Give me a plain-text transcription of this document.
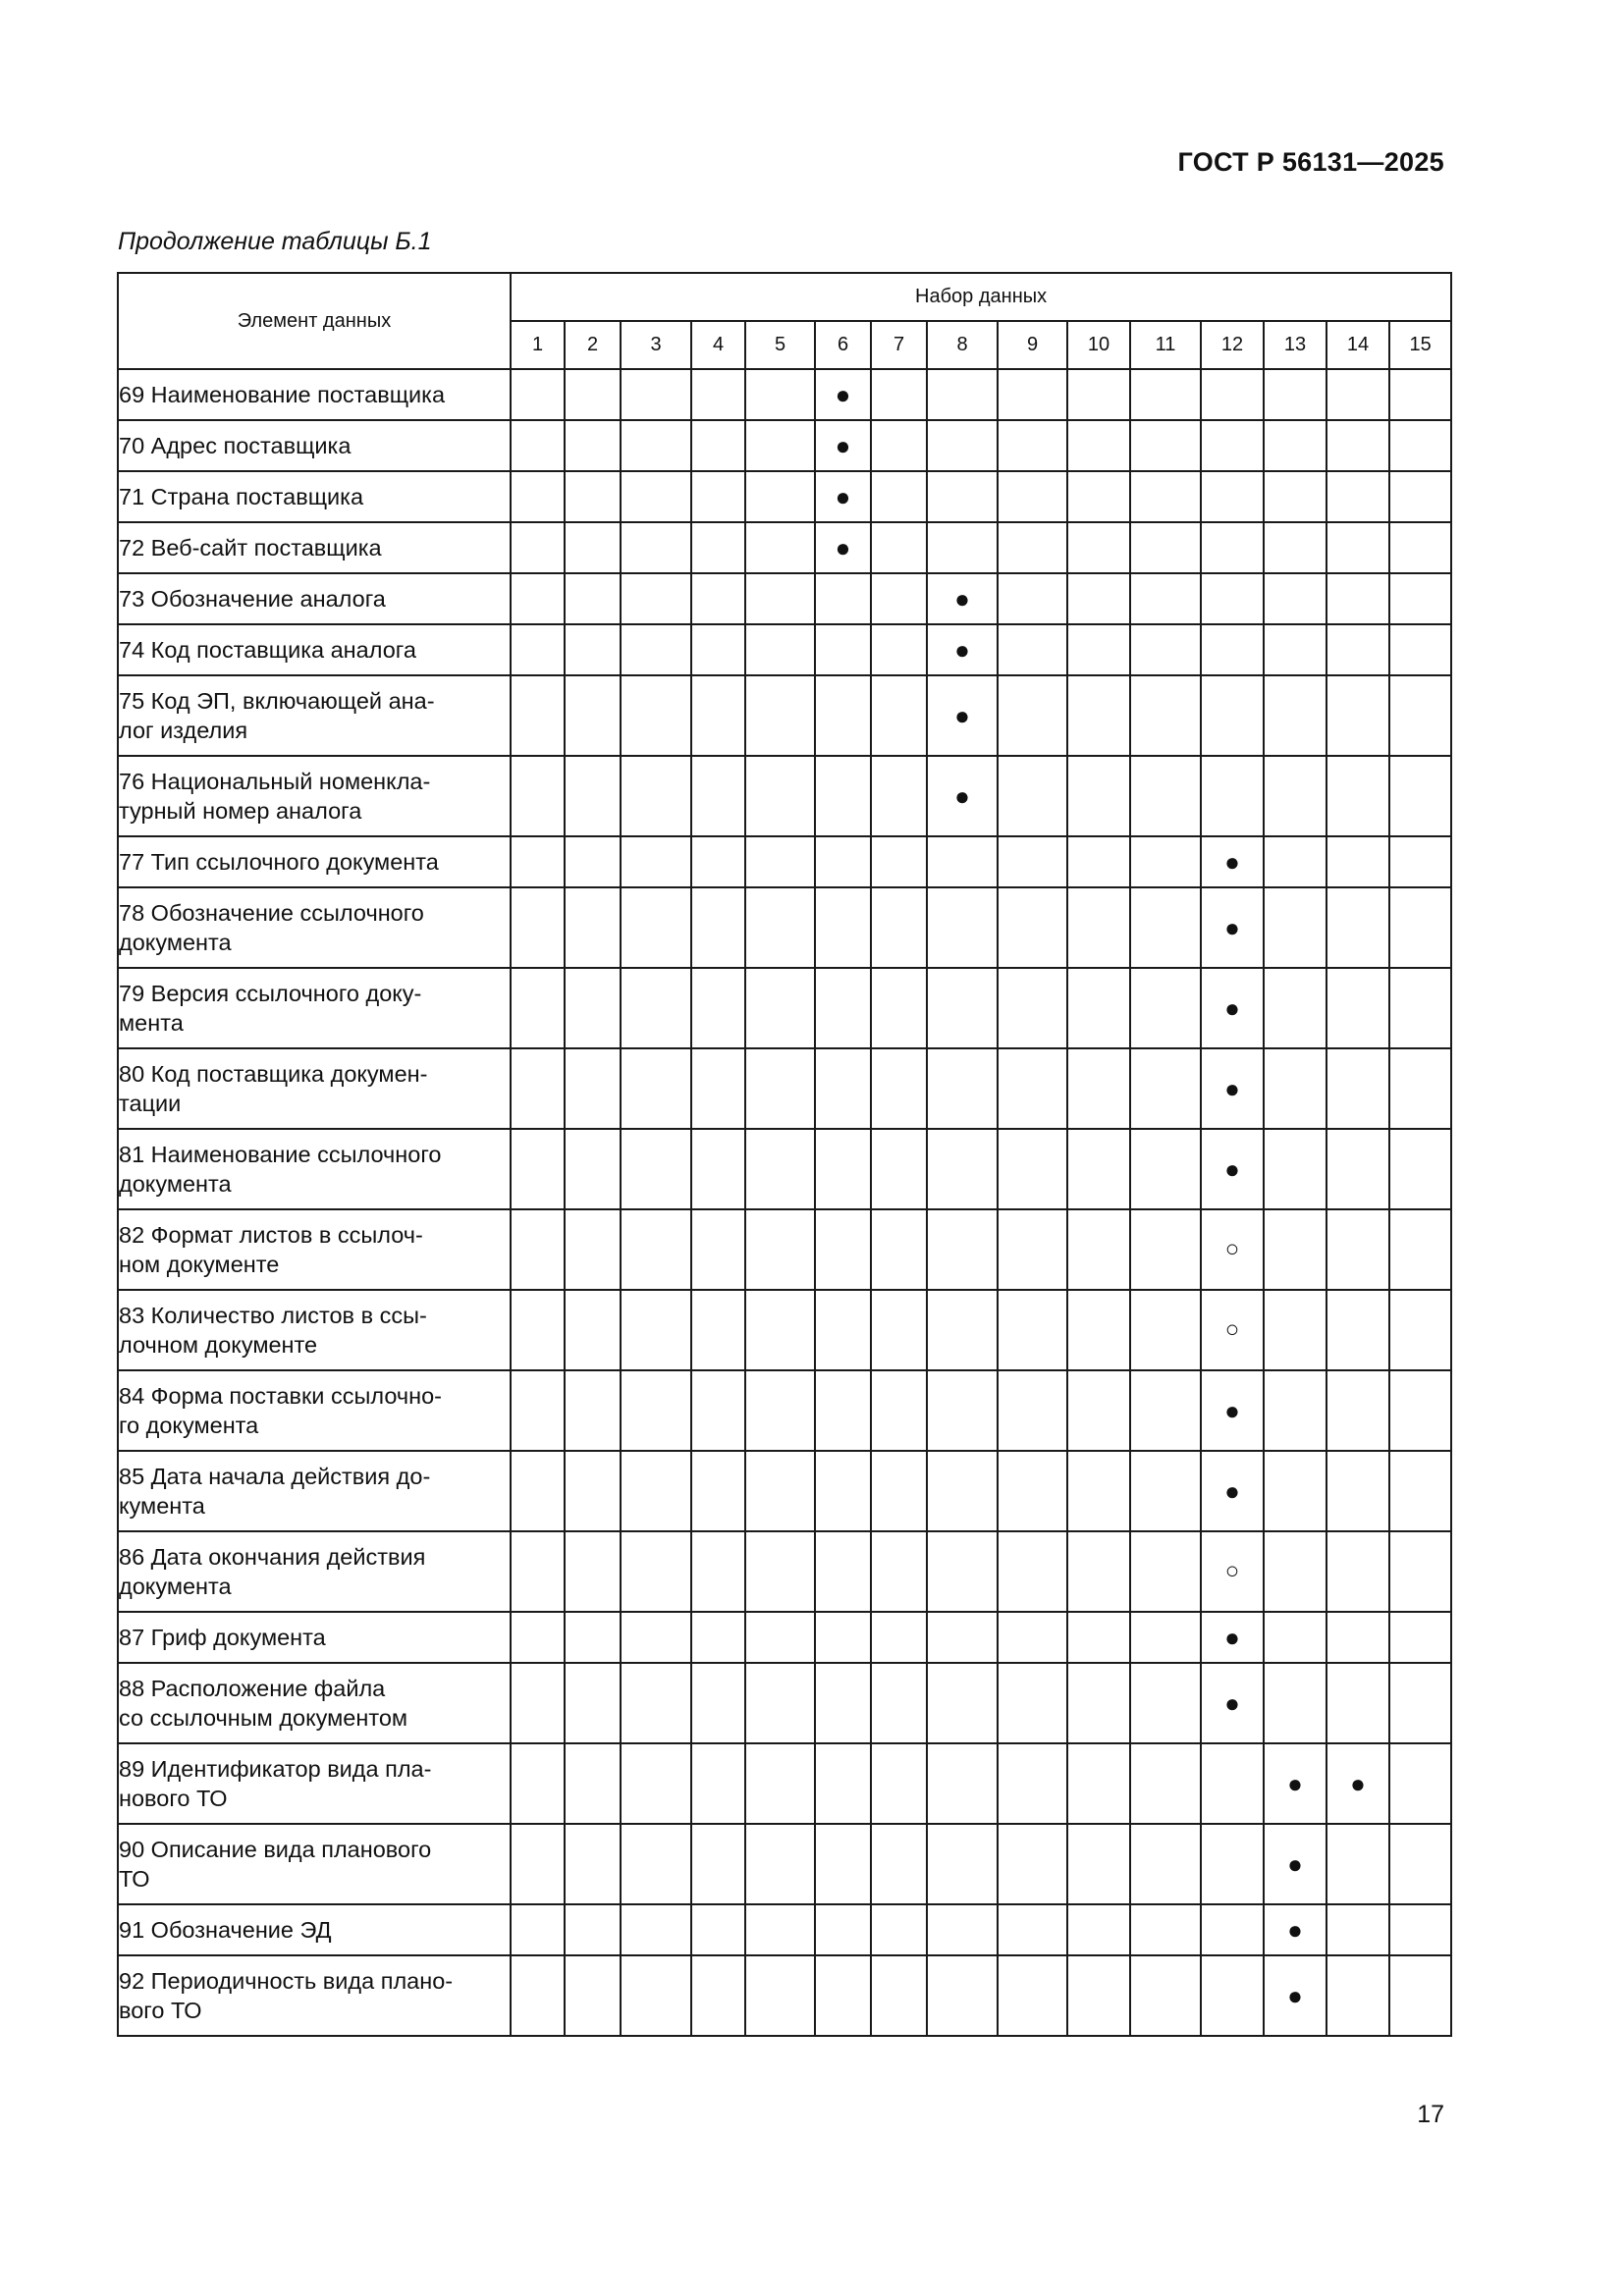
ГОСТ Р 56131—2025
Продолжение таблицы Б.1
Элемент данных	Набор данных														
	1	2	3	4	5	6	7	8	9	10	11	12	13	14	15
69 Наименование поставщика						●									
70 Адрес поставщика						●									
71 Страна поставщика						●									
72 Веб-сайт поставщика						●									
73 Обозначение аналога								●							
74 Код поставщика аналога								●							
75 Код ЭП, включающей ана-
лог изделия								●							
76 Национальный номенкла-
турный номер аналога								●							
77 Тип ссылочного документа												●			
78 Обозначение ссылочного
документа												●			
79 Версия ссылочного доку-
мента												●			
80 Код поставщика докумен-
тации												●			
81 Наименование ссылочного
документа												●			
82 Формат листов в ссылоч-
ном документе												○			
83 Количество листов в ссы-
лочном документе												○			
84 Форма поставки ссылочно-
го документа												●			
85 Дата начала действия до-
кумента												●			
86 Дата окончания действия
документа												○			
87 Гриф документа												●			
88 Расположение файла
со ссылочным документом												●			
89 Идентификатор вида пла-
нового ТО													●	●	
90 Описание вида планового
ТО													●		
91 Обозначение ЭД													●		
92 Периодичность вида плано-
вого ТО													●		
17
